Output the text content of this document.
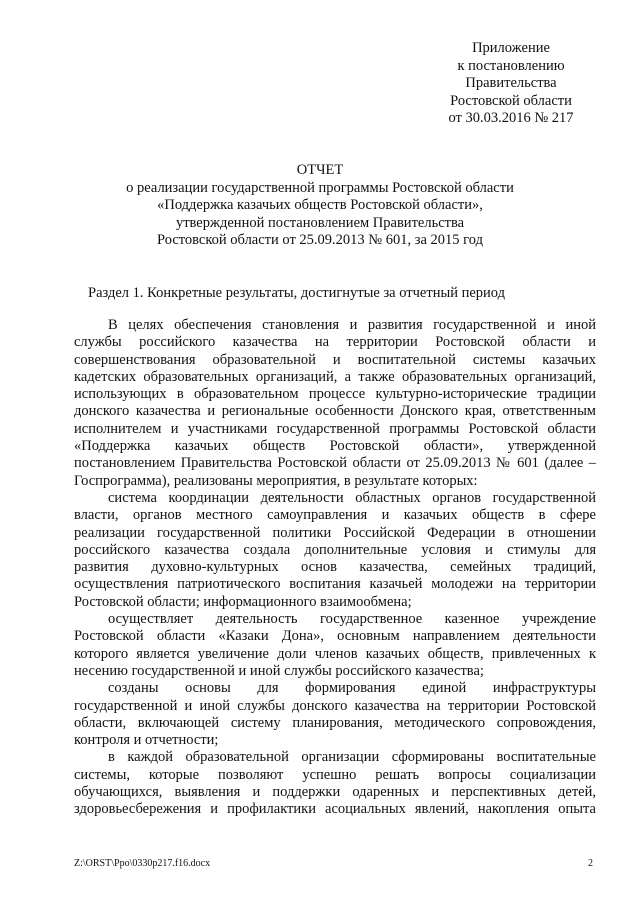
Приложение
к постановлению
Правительства
Ростовской области
от 30.03.2016 № 217
ОТЧЕТ
о реализации государственной программы Ростовской области
«Поддержка казачьих обществ Ростовской области»,
утвержденной постановлением Правительства
Ростовской области от 25.09.2013 № 601, за 2015 год
Раздел 1. Конкретные результаты, достигнутые за отчетный период
В целях обеспечения становления и развития государственной и иной
службы российского казачества на территории Ростовской области и
совершенствования образовательной и воспитательной системы казачьих
кадетских образовательных организаций, а также образовательных организаций,
использующих в образовательном процессе культурно-исторические традиции
донского казачества и региональные особенности Донского края, ответственным
исполнителем и участниками государственной программы Ростовской области
«Поддержка казачьих обществ Ростовской области», утвержденной
постановлением Правительства Ростовской области от 25.09.2013 № 601 (далее –
Госпрограмма), реализованы мероприятия, в результате которых:
система координации деятельности областных органов государственной
власти, органов местного самоуправления и казачьих обществ в сфере
реализации государственной политики Российской Федерации в отношении
российского казачества создала дополнительные условия и стимулы для
развития духовно-культурных основ казачества, семейных традиций,
осуществления патриотического воспитания казачьей молодежи на территории
Ростовской области; информационного взаимообмена;
осуществляет деятельность государственное казенное учреждение
Ростовской области «Казаки Дона», основным направлением деятельности
которого является увеличение доли членов казачьих обществ, привлеченных к
несению государственной и иной службы российского казачества;
созданы основы для формирования единой инфраструктуры
государственной и иной службы донского казачества на территории Ростовской
области, включающей систему планирования, методического сопровождения,
контроля и отчетности;
в каждой образовательной организации сформированы воспитательные
системы, которые позволяют успешно решать вопросы социализации
обучающихся, выявления и поддержки одаренных и перспективных детей,
здоровьесбережения и профилактики асоциальных явлений, накопления опыта
Z:\ORST\Ppo\0330p217.f16.docx	2
